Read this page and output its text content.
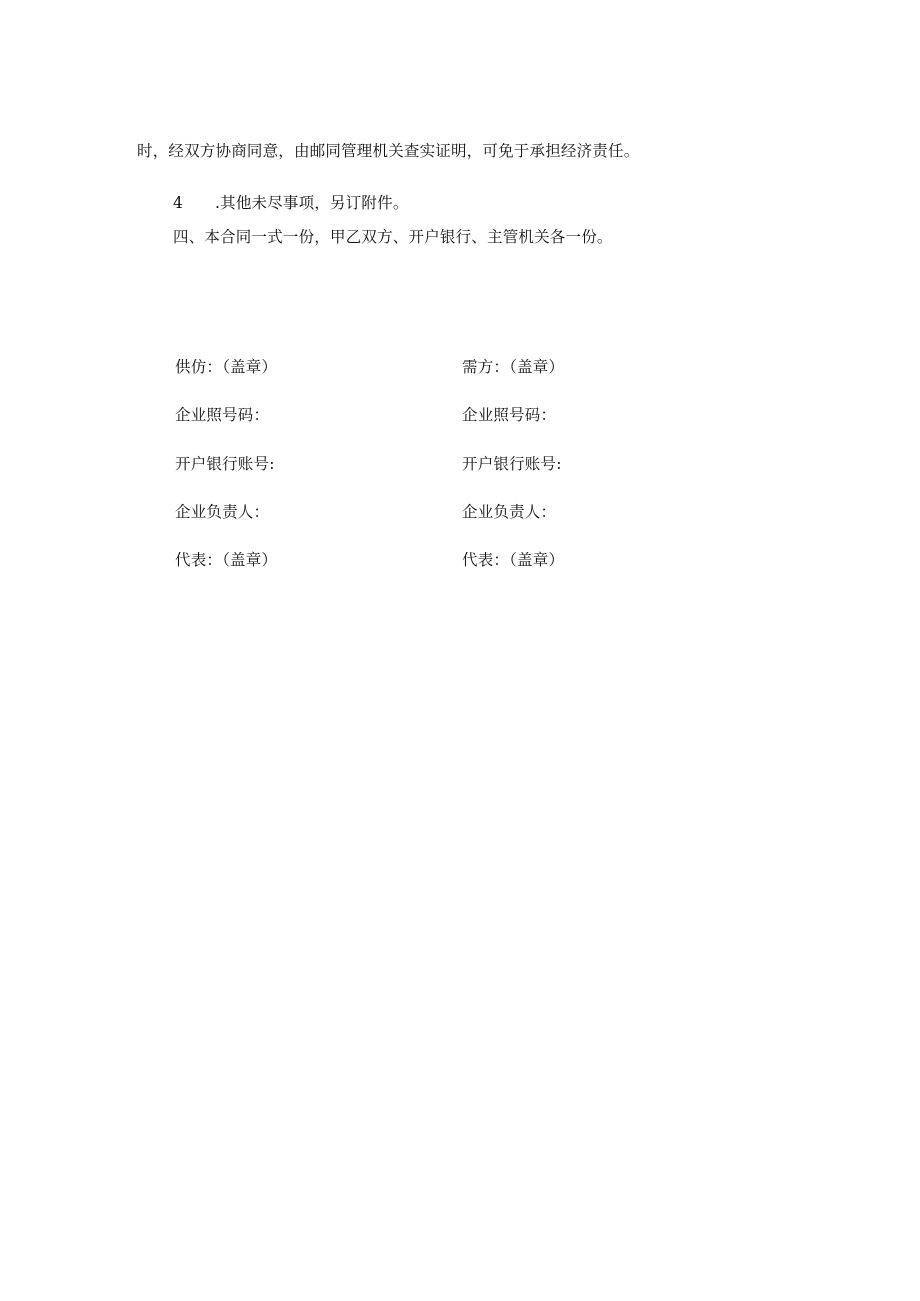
时，经双方协商同意，由邮同管理机关查实证明，可免于承担经济责任。
4 .其他未尽事项，另订附件。
四、本合同一式一份，甲乙双方、开户银行、主管机关各一份。
供仿：（盖章）
企业照号码：
开户银行账号:
企业负责人：
代表：（盖章）
需方：（盖章）
企业照号码：
开户银行账号:
企业负责人：
代表：（盖章）
